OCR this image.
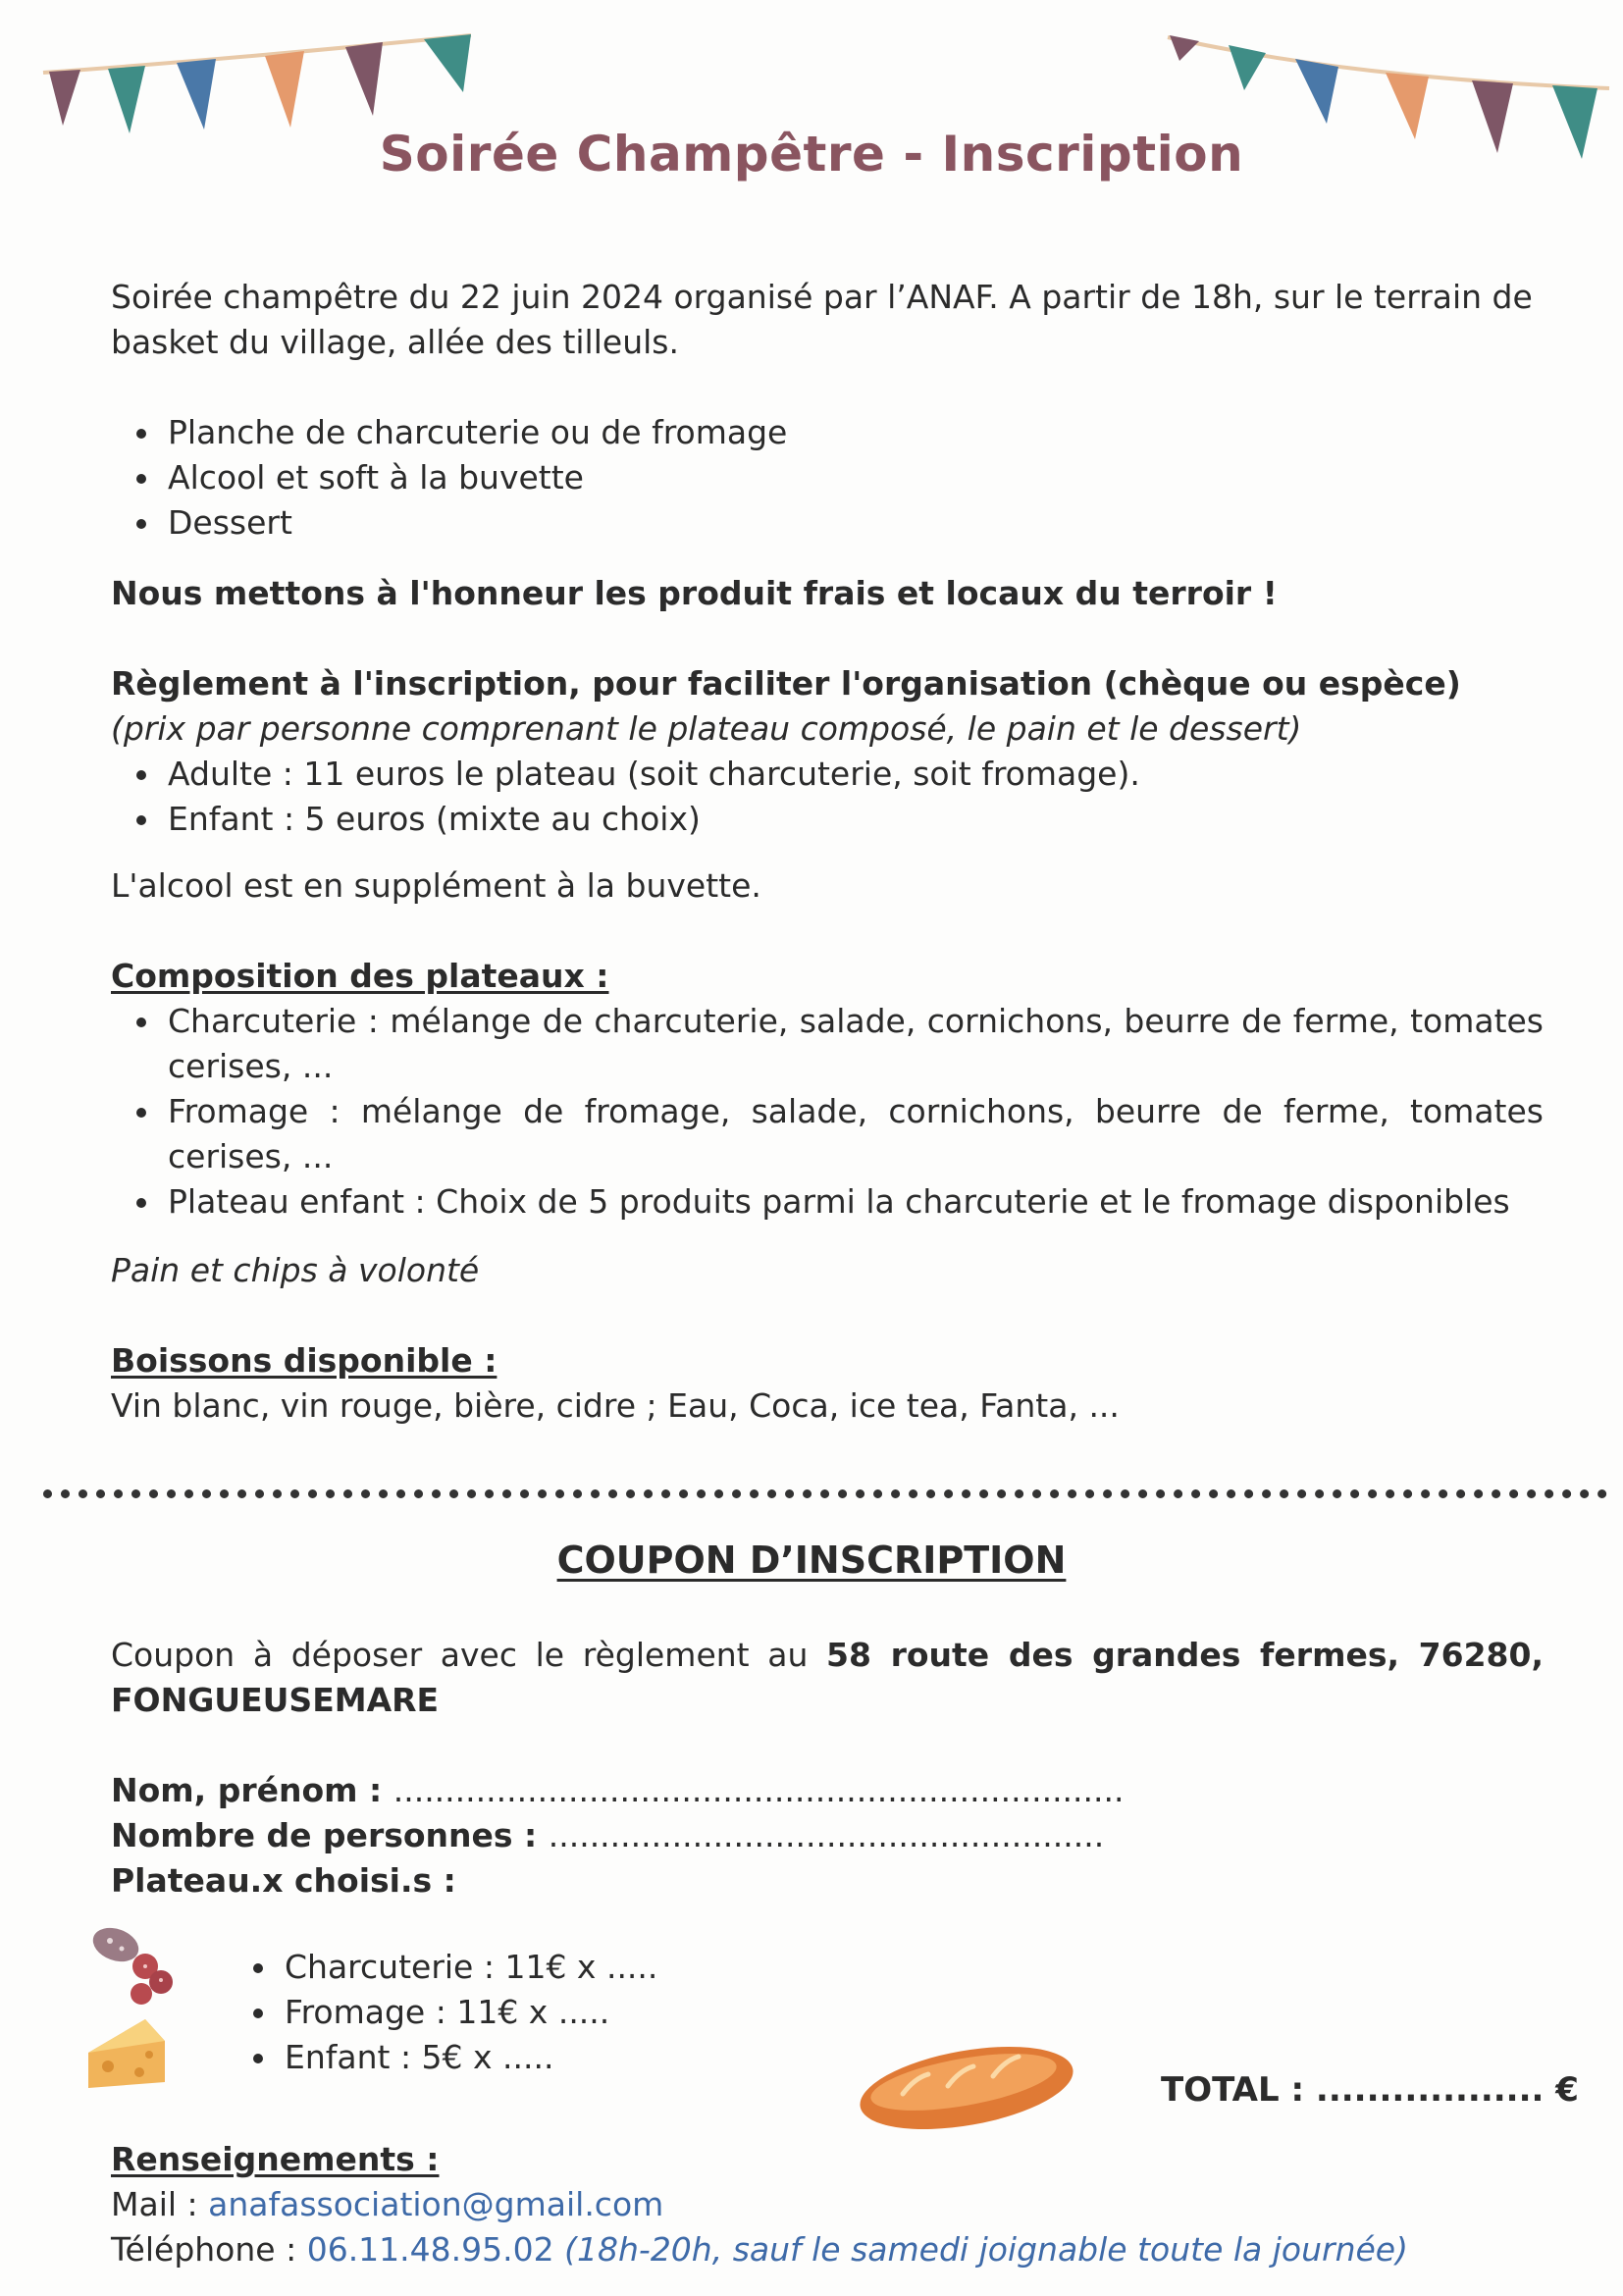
Soirée Champêtre - Inscription

Soirée champêtre du 22 juin 2024 organisé par l’ANAF. A partir de 18h, sur le terrain de basket du village, allée des tilleuls.

Planche de charcuterie ou de fromage
Alcool et soft à la buvette
Dessert

Nous mettons à l'honneur les produit frais et locaux du terroir !

Règlement à l'inscription, pour faciliter l'organisation (chèque ou espèce)

(prix par personne comprenant le plateau composé, le pain et le dessert)

Adulte : 11 euros le plateau (soit charcuterie, soit fromage).
Enfant : 5 euros (mixte au choix)

L'alcool est en supplément à la buvette.

Composition des plateaux :

Charcuterie : mélange de charcuterie, salade, cornichons, beurre de ferme, tomates cerises, ...
Fromage : mélange de fromage, salade, cornichons, beurre de ferme, tomates cerises, ...
Plateau enfant : Choix de 5 produits parmi la charcuterie et le fromage disponibles

Pain et chips à volonté

Boissons disponible :

Vin blanc, vin rouge, bière, cidre ; Eau, Coca, ice tea, Fanta, ...

COUPON D’INSCRIPTION

Coupon à déposer avec le règlement au 58 route des grandes fermes, 76280, FONGUEUSEMARE

Nom, prénom : .......................................................................

Nombre de personnes : ......................................................

Plateau.x choisi.s :

Charcuterie : 11€ x .....
Fromage : 11€ x .....
Enfant : 5€ x .....
TOTAL : .................. €

Renseignements :

Mail : anafassociation@gmail.com

Téléphone : 06.11.48.95.02 (18h-20h, sauf le samedi joignable toute la journée)
